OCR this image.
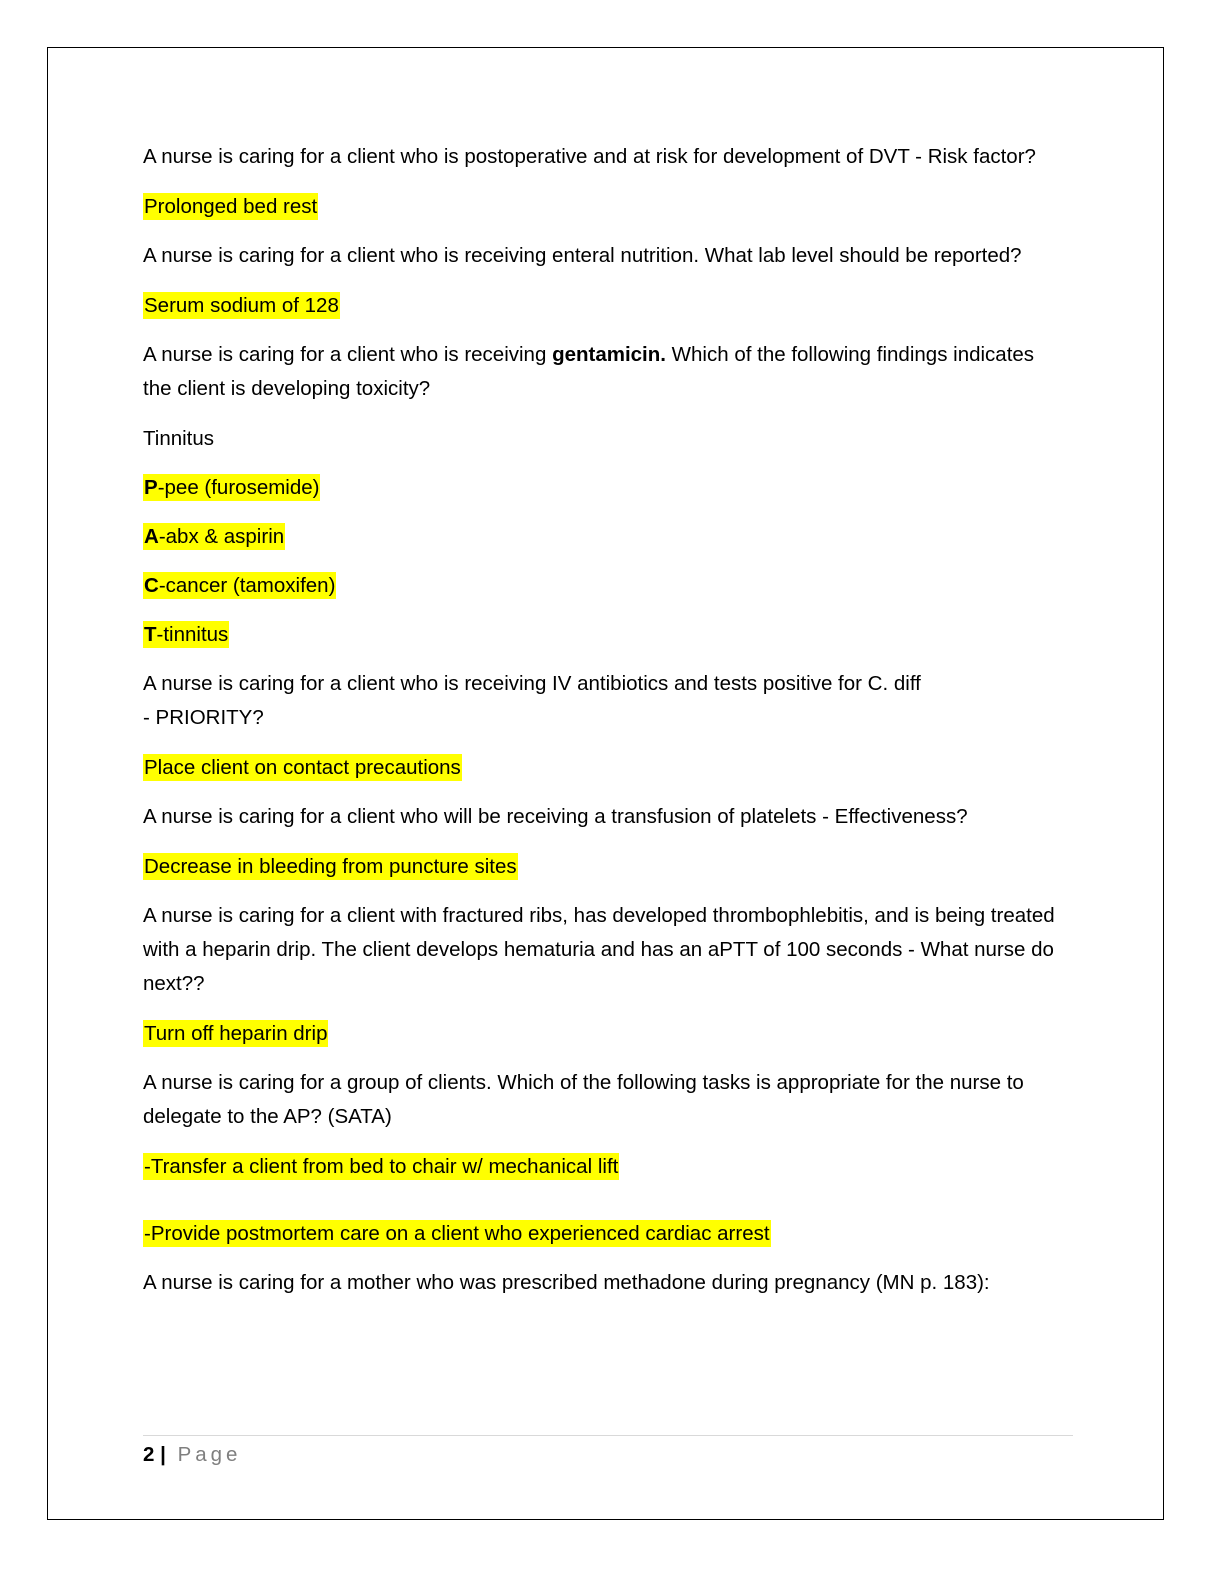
A nurse is caring for a client who is postoperative and at risk for development of DVT - Risk factor?

Prolonged bed rest

A nurse is caring for a client who is receiving enteral nutrition. What lab level should be reported?

Serum sodium of 128

A nurse is caring for a client who is receiving gentamicin. Which of the following findings indicates the client is developing toxicity?

Tinnitus

P-pee (furosemide)

A-abx & aspirin

C-cancer (tamoxifen)

T-tinnitus

A nurse is caring for a client who is receiving IV antibiotics and tests positive for C. diff
- PRIORITY?

Place client on contact precautions

A nurse is caring for a client who will be receiving a transfusion of platelets - Effectiveness?

Decrease in bleeding from puncture sites

A nurse is caring for a client with fractured ribs, has developed thrombophlebitis, and is being treated with a heparin drip. The client develops hematuria and has an aPTT of 100 seconds - What nurse do next??

Turn off heparin drip

A nurse is caring for a group of clients. Which of the following tasks is appropriate for the nurse to delegate to the AP? (SATA)

-Transfer a client from bed to chair w/ mechanical lift

-Provide postmortem care on a client who experienced cardiac arrest

A nurse is caring for a mother who was prescribed methadone during pregnancy (MN p. 183):

2 | Page
